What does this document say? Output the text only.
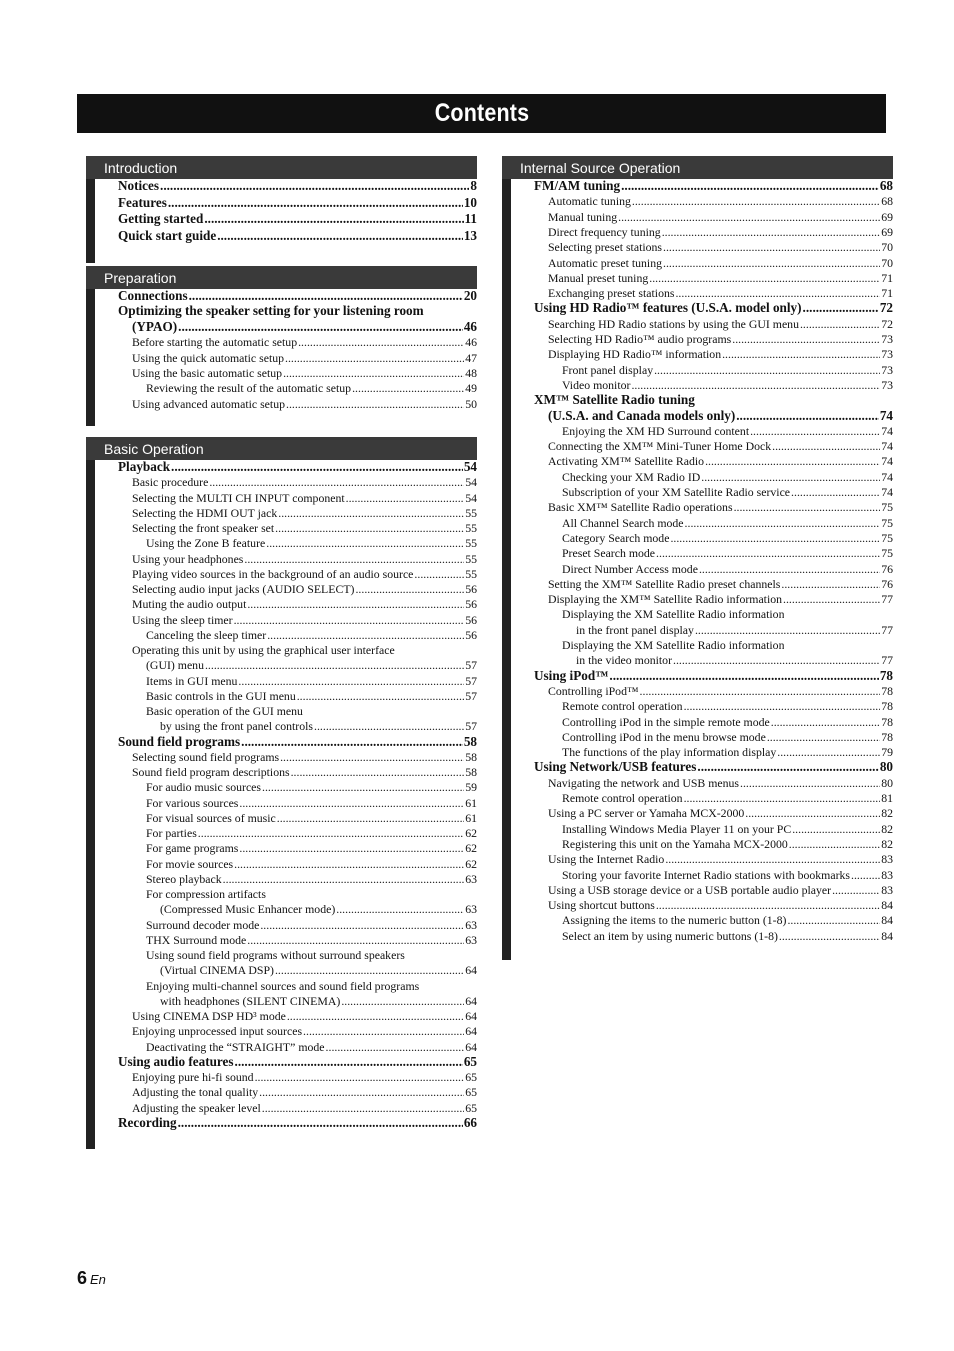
Contents
Introduction
Notices .....	8
Features .....	10
Getting started .....	11
Quick start guide .....	13
Preparation
Connections .....	20
Optimizing the speaker setting for your listening room
(YPAO) .....	46
Before starting the automatic setup .....	46
Using the quick automatic setup .....	47
Using the basic automatic setup .....	48
Reviewing the result of the automatic setup .....	49
Using advanced automatic setup .....	50
Basic Operation
Playback .....	54
Basic procedure .....	54
Selecting the MULTI CH INPUT component .....	54
Selecting the HDMI OUT jack .....	55
Selecting the front speaker set .....	55
Using the Zone B feature .....	55
Using your headphones .....	55
Playing video sources in the background of an audio source .....	55
Selecting audio input jacks (AUDIO SELECT) .....	56
Muting the audio output .....	56
Using the sleep timer .....	56
Canceling the sleep timer .....	56
Operating this unit by using the graphical user interface
(GUI) menu .....	57
Items in GUI menu .....	57
Basic controls in the GUI menu .....	57
Basic operation of the GUI menu
by using the front panel controls .....	57
Sound field programs .....	58
Selecting sound field programs .....	58
Sound field program descriptions .....	58
For audio music sources .....	59
For various sources .....	61
For visual sources of music .....	61
For parties .....	62
For game programs .....	62
For movie sources .....	62
Stereo playback .....	63
For compression artifacts
(Compressed Music Enhancer mode) .....	63
Surround decoder mode .....	63
THX Surround mode .....	63
Using sound field programs without surround speakers
(Virtual CINEMA DSP) .....	64
Enjoying multi-channel sources and sound field programs
with headphones (SILENT CINEMA) .....	64
Using CINEMA DSP HD³ mode .....	64
Enjoying unprocessed input sources .....	64
Deactivating the “STRAIGHT” mode .....	64
Using audio features .....	65
Enjoying pure hi-fi sound .....	65
Adjusting the tonal quality .....	65
Adjusting the speaker level .....	65
Recording .....	66
Internal Source Operation
FM/AM tuning .....	68
Automatic tuning .....	68
Manual tuning .....	69
Direct frequency tuning .....	69
Selecting preset stations .....	70
Automatic preset tuning .....	70
Manual preset tuning .....	71
Exchanging preset stations .....	71
Using HD Radio™ features (U.S.A. model only) .....	72
Searching HD Radio stations by using the GUI menu .....	72
Selecting HD Radio™ audio programs .....	73
Displaying HD Radio™ information .....	73
Front panel display .....	73
Video monitor .....	73
XM™ Satellite Radio tuning
(U.S.A. and Canada models only) .....	74
Enjoying the XM HD Surround content .....	74
Connecting the XM™ Mini-Tuner Home Dock .....	74
Activating XM™ Satellite Radio .....	74
Checking your XM Radio ID .....	74
Subscription of your XM Satellite Radio service .....	74
Basic XM™ Satellite Radio operations .....	75
All Channel Search mode .....	75
Category Search mode .....	75
Preset Search mode .....	75
Direct Number Access mode .....	76
Setting the XM™ Satellite Radio preset channels .....	76
Displaying the XM™ Satellite Radio information .....	77
Displaying the XM Satellite Radio information
in the front panel display .....	77
Displaying the XM Satellite Radio information
in the video monitor .....	77
Using iPod™ .....	78
Controlling iPod™ .....	78
Remote control operation .....	78
Controlling iPod in the simple remote mode .....	78
Controlling iPod in the menu browse mode .....	78
The functions of the play information display .....	79
Using Network/USB features .....	80
Navigating the network and USB menus .....	80
Remote control operation .....	81
Using a PC server or Yamaha MCX-2000 .....	82
Installing Windows Media Player 11 on your PC .....	82
Registering this unit on the Yamaha MCX-2000 .....	82
Using the Internet Radio .....	83
Storing your favorite Internet Radio stations with bookmarks .....	83
Using a USB storage device or a USB portable audio player .....	83
Using shortcut buttons .....	84
Assigning the items to the numeric button (1-8) .....	84
Select an item by using numeric buttons (1-8) .....	84
6 En
